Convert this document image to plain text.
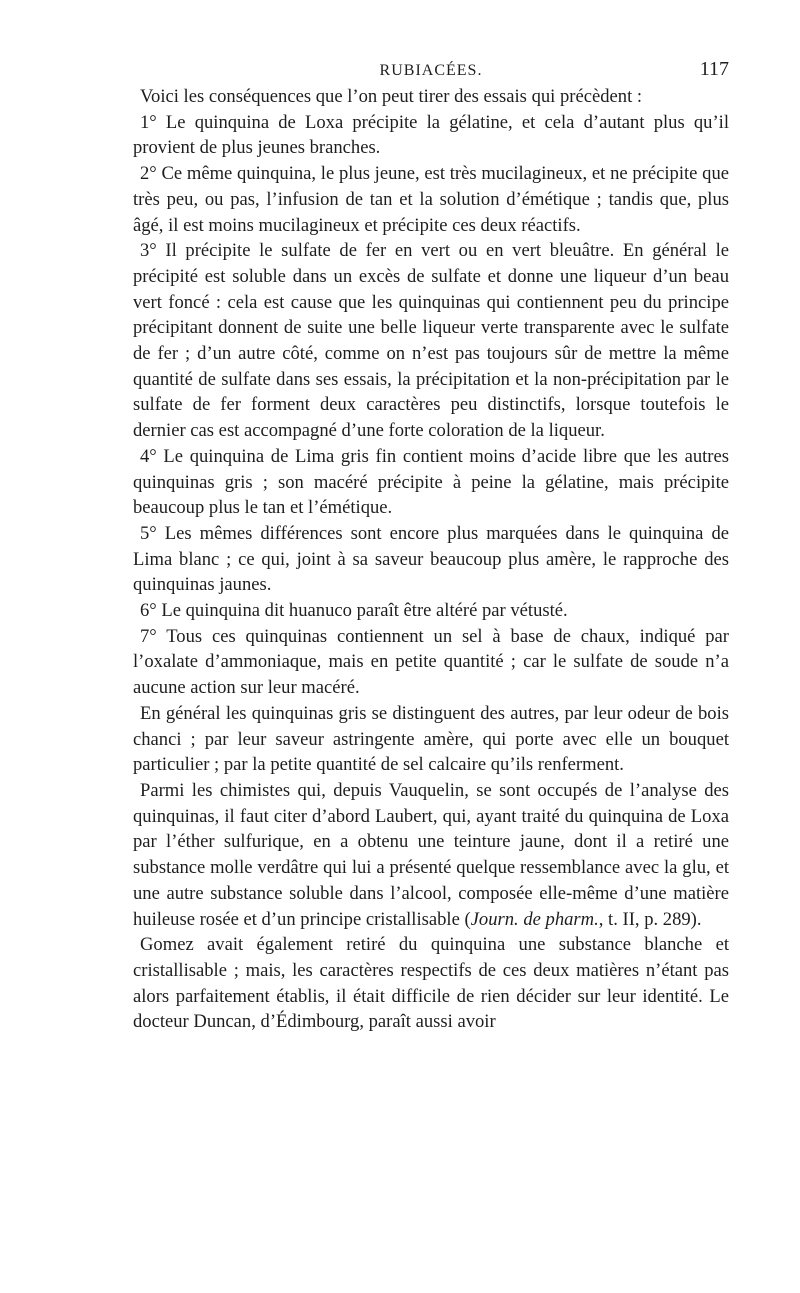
RUBIACÉES.	117

Voici les conséquences que l’on peut tirer des essais qui précèdent :

1° Le quinquina de Loxa précipite la gélatine, et cela d’autant plus qu’il provient de plus jeunes branches.

2° Ce même quinquina, le plus jeune, est très mucilagineux, et ne précipite que très peu, ou pas, l’infusion de tan et la solution d’émétique ; tandis que, plus âgé, il est moins mucilagineux et précipite ces deux réactifs.

3° Il précipite le sulfate de fer en vert ou en vert bleuâtre. En général le précipité est soluble dans un excès de sulfate et donne une liqueur d’un beau vert foncé : cela est cause que les quinquinas qui contiennent peu du principe précipitant donnent de suite une belle liqueur verte transparente avec le sulfate de fer ; d’un autre côté, comme on n’est pas toujours sûr de mettre la même quantité de sulfate dans ses essais, la précipitation et la non-précipitation par le sulfate de fer forment deux caractères peu distinctifs, lorsque toutefois le dernier cas est accompagné d’une forte coloration de la liqueur.

4° Le quinquina de Lima gris fin contient moins d’acide libre que les autres quinquinas gris ; son macéré précipite à peine la gélatine, mais précipite beaucoup plus le tan et l’émétique.

5° Les mêmes différences sont encore plus marquées dans le quinquina de Lima blanc ; ce qui, joint à sa saveur beaucoup plus amère, le rapproche des quinquinas jaunes.

6° Le quinquina dit huanuco paraît être altéré par vétusté.

7° Tous ces quinquinas contiennent un sel à base de chaux, indiqué par l’oxalate d’ammoniaque, mais en petite quantité ; car le sulfate de soude n’a aucune action sur leur macéré.

En général les quinquinas gris se distinguent des autres, par leur odeur de bois chanci ; par leur saveur astringente amère, qui porte avec elle un bouquet particulier ; par la petite quantité de sel calcaire qu’ils renferment.

Parmi les chimistes qui, depuis Vauquelin, se sont occupés de l’analyse des quinquinas, il faut citer d’abord Laubert, qui, ayant traité du quinquina de Loxa par l’éther sulfurique, en a obtenu une teinture jaune, dont il a retiré une substance molle verdâtre qui lui a présenté quelque ressemblance avec la glu, et une autre substance soluble dans l’alcool, composée elle-même d’une matière huileuse rosée et d’un principe cristallisable (Journ. de pharm., t. II, p. 289).

Gomez avait également retiré du quinquina une substance blanche et cristallisable ; mais, les caractères respectifs de ces deux matières n’étant pas alors parfaitement établis, il était difficile de rien décider sur leur identité. Le docteur Duncan, d’Édimbourg, paraît aussi avoir
